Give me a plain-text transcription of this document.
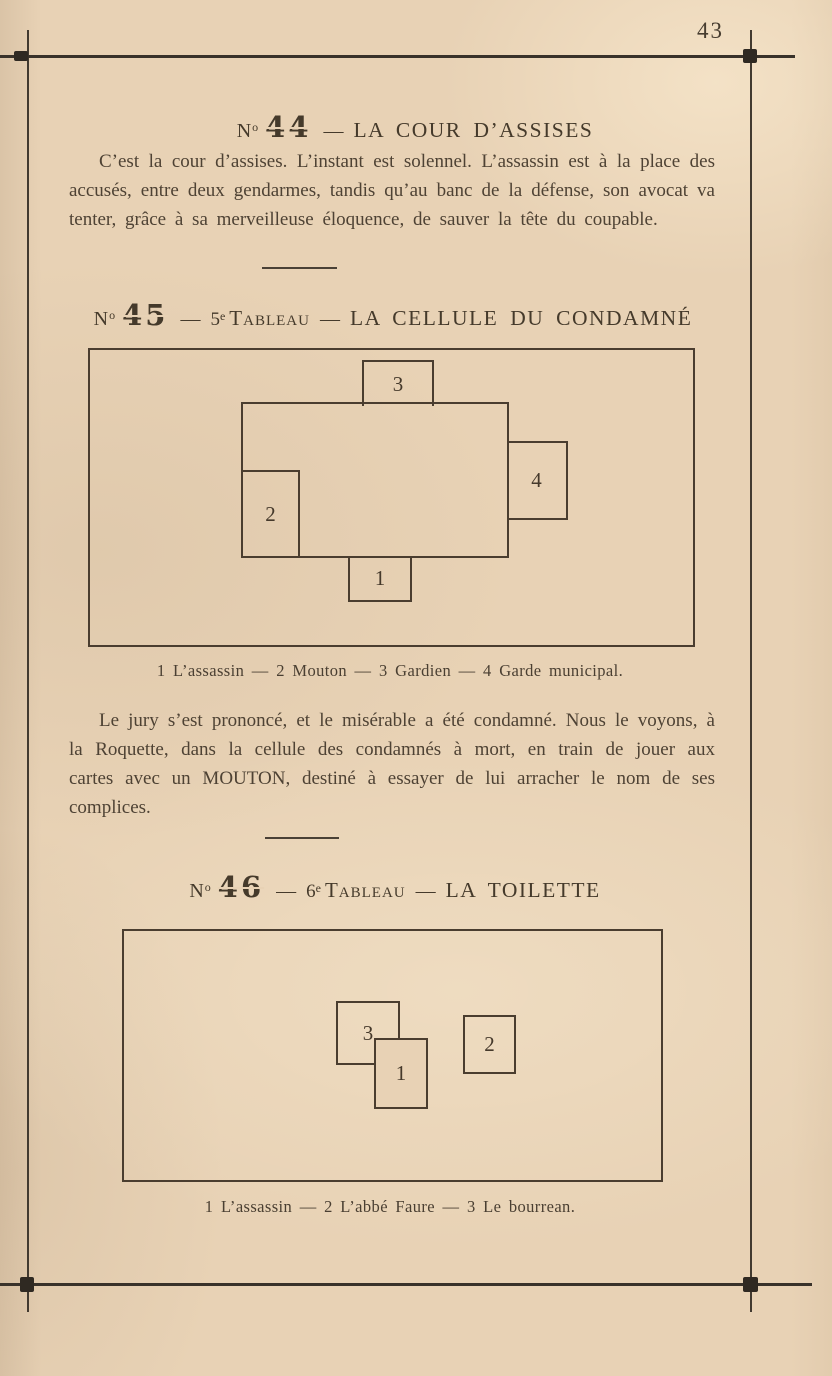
43
$N^o$ 44 — LA COUR D’ASSISES
C’est la cour d’assises. L’instant est solennel. L’assassin est à la place des accusés, entre deux gendarmes, tandis qu’au banc de la défense, son avocat va tenter, grâce à sa merveilleuse éloquence, de sauver la tête du coupable.
$N^o$ 45 — 5e Tableau — LA CELLULE DU CONDAMNÉ
3
2
4
1
1 L’assassin — 2 Mouton — 3 Gardien — 4 Garde municipal.
Le jury s’est prononcé, et le misérable a été condamné. Nous le voyons, à la Roquette, dans la cellule des condamnés à mort, en train de jouer aux cartes avec un MOUTON, destiné à essayer de lui arracher le nom de ses complices.
$N^o$ 46 — 6e Tableau — LA TOILETTE
3
1
2
1 L’assassin — 2 L’abbé Faure — 3 Le bourrean.
